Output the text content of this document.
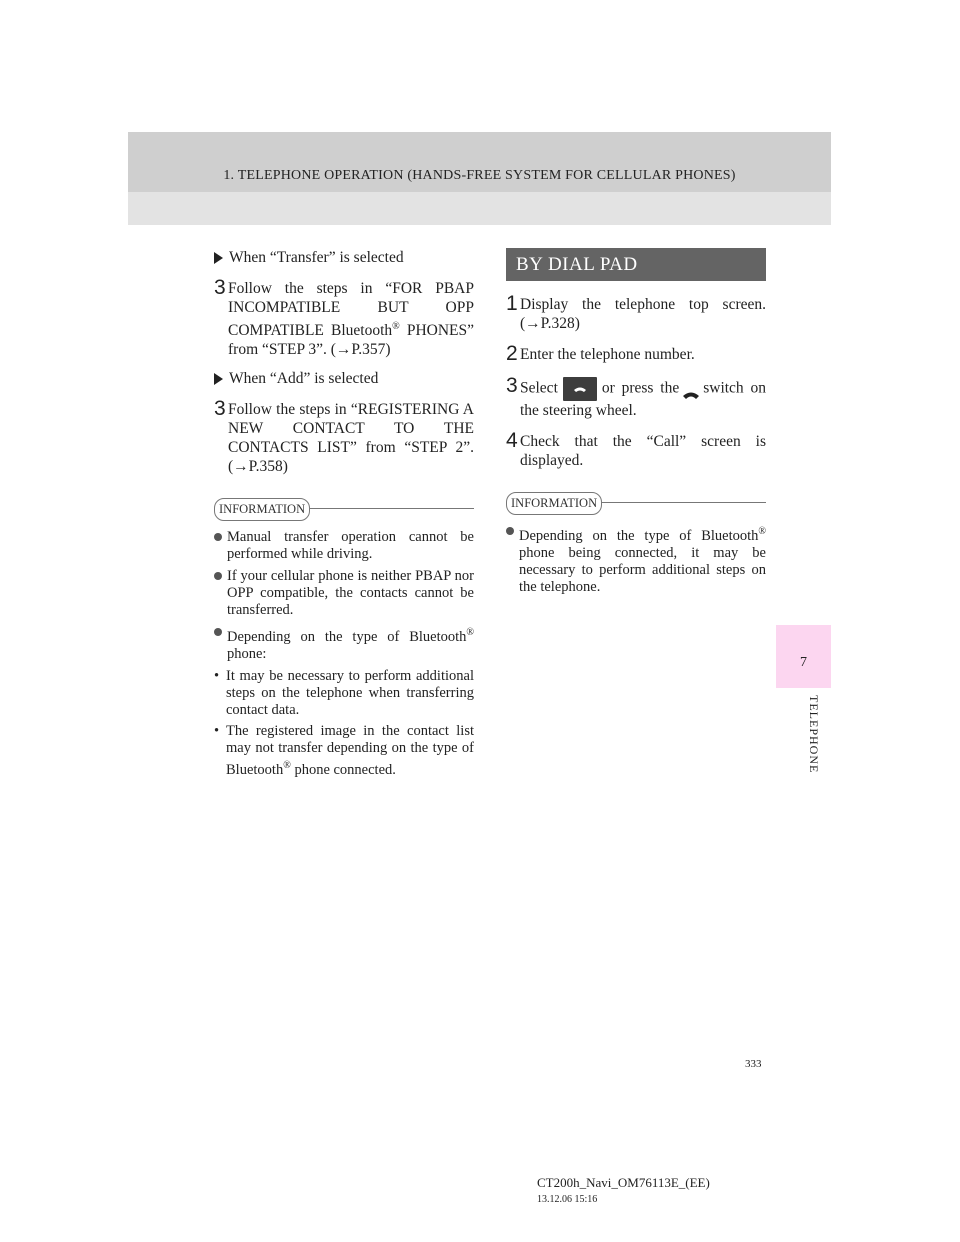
1. TELEPHONE OPERATION (HANDS-FREE SYSTEM FOR CELLULAR PHONES)
7
TELEPHONE
When “Transfer” is selected
3 Follow the steps in “FOR PBAP INCOMPATIBLE BUT OPP COMPATIBLE Bluetooth® PHONES” from “STEP 3”. (→P.357)
When “Add” is selected
3 Follow the steps in “REGISTERING A NEW CONTACT TO THE CONTACTS LIST” from “STEP 2”. (→P.358)
INFORMATION
Manual transfer operation cannot be performed while driving.
If your cellular phone is neither PBAP nor OPP compatible, the contacts cannot be transferred.
Depending on the type of Bluetooth® phone:
• It may be necessary to perform additional steps on the telephone when transferring contact data.
• The registered image in the contact list may not transfer depending on the type of Bluetooth® phone connected.
BY DIAL PAD
1 Display the telephone top screen. (→P.328)
2 Enter the telephone number.
3 Select	or press the switch on the steering wheel.
4 Check that the “Call” screen is displayed.
INFORMATION
Depending on the type of Bluetooth® phone being connected, it may be necessary to perform additional steps on the telephone.
333
CT200h_Navi_OM76113E_(EE)
13.12.06 15:16
